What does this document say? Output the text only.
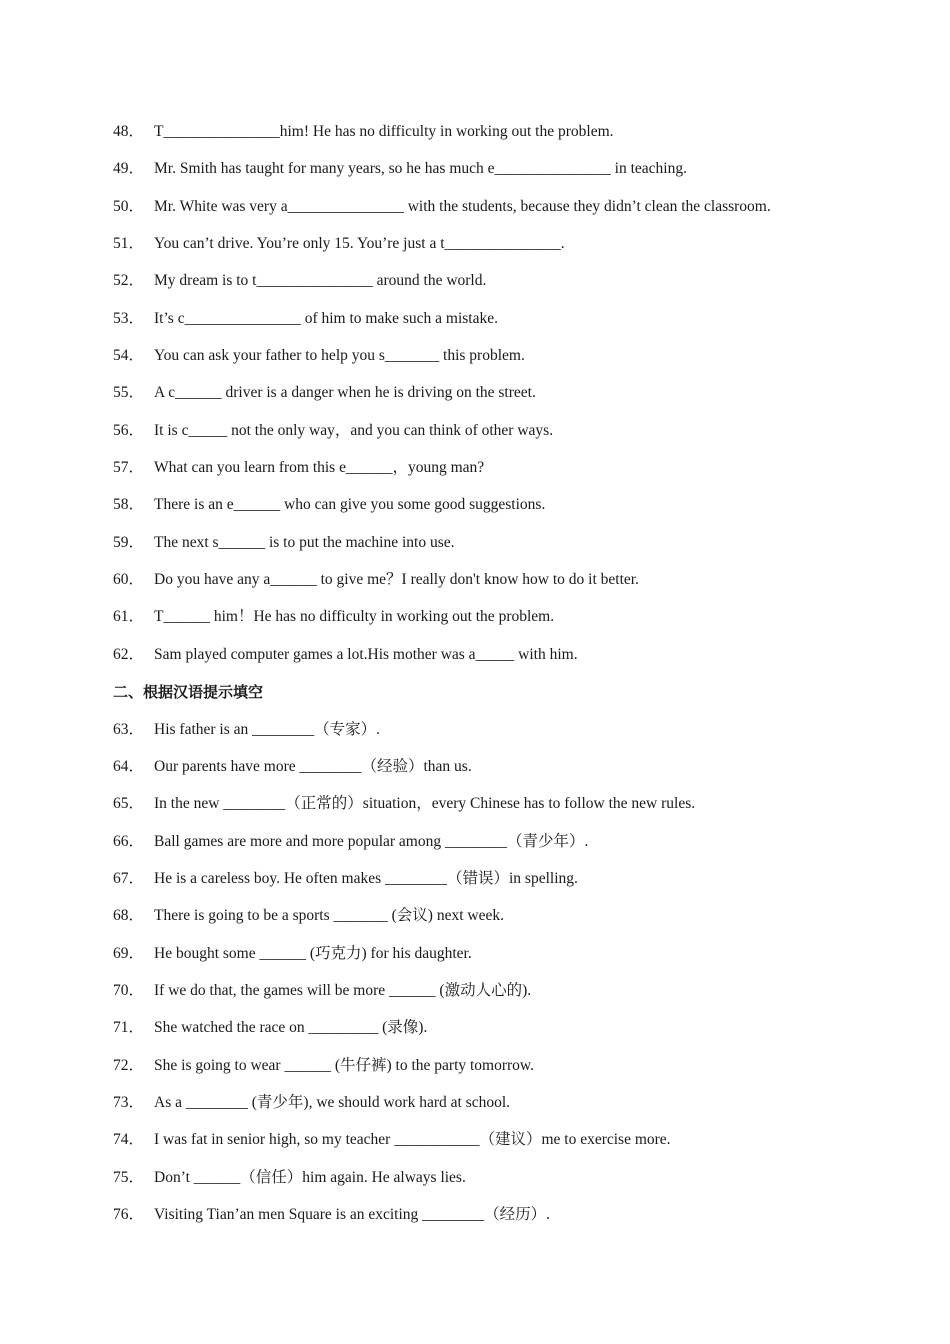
48． T_______________him! He has no difficulty in working out the problem.
49． Mr. Smith has taught for many years, so he has much e_______________ in teaching.
50． Mr. White was very a_______________ with the students, because they didn’t clean the classroom.
51． You can’t drive. You’re only 15. You’re just a t_______________.
52． My dream is to t_______________ around the world.
53． It’s c_______________ of him to make such a mistake.
54． You can ask your father to help you s_______ this problem.
55． A c______ driver is a danger when he is driving on the street.
56． It is c_____ not the only way，and you can think of other ways.
57． What can you learn from this e______，young man?
58． There is an e______ who can give you some good suggestions.
59． The next s______ is to put the machine into use.
60． Do you have any a______ to give me？I really don't know how to do it better.
61． T______ him！He has no difficulty in working out the problem.
62． Sam played computer games a lot.His mother was a_____ with him.
二、根据汉语提示填空
63． His father is an ________（专家）.
64． Our parents have more ________（经验）than us.
65． In the new ________（正常的）situation，every Chinese has to follow the new rules.
66． Ball games are more and more popular among ________（青少年）.
67． He is a careless boy. He often makes ________（错误）in spelling.
68． There is going to be a sports _______ (会议) next week.
69． He bought some ______ (巧克力) for his daughter.
70． If we do that, the games will be more ______ (激动人心的).
71． She watched the race on _________ (录像).
72． She is going to wear ______ (牛仔裤) to the party tomorrow.
73． As a ________ (青少年), we should work hard at school.
74． I was fat in senior high, so my teacher ___________（建议）me to exercise more.
75． Don’t ______（信任）him again. He always lies.
76． Visiting Tian’an men Square is an exciting ________（经历）.
